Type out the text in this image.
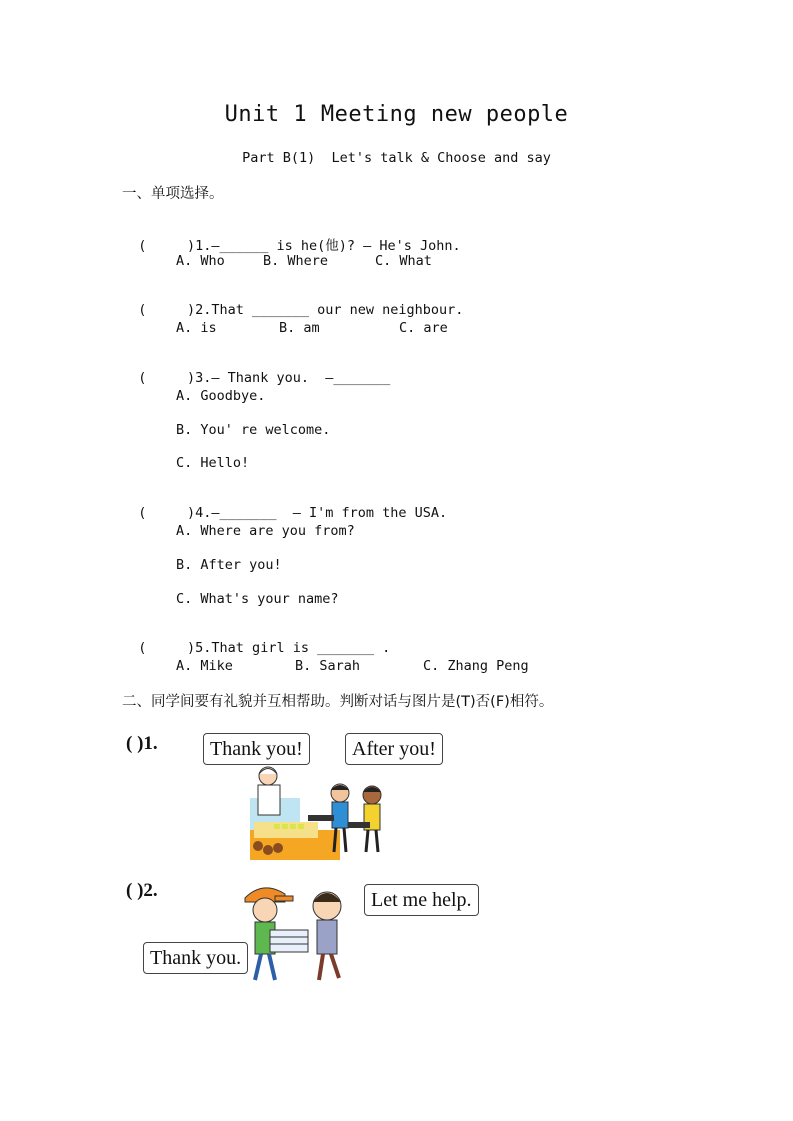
Unit 1 Meeting new people
Part B(1)  Let's talk & Choose and say
一、单项选择。

(     )1.—______ is he(他)? — He's John.

A. Who	B. Where	C. What

(     )2.That _______ our new neighbour.

A. is	B. am	C. are

(     )3.— Thank you.  —_______

A. Goodbye.
B. You' re welcome.
C. Hello!

(     )4.—_______  — I'm from the USA.

A. Where are you from?
B. After you!
C. What's your name?

(     )5.That girl is _______ .

A. Mike	B. Sarah	C. Zhang Peng
二、同学间要有礼貌并互相帮助。判断对话与图片是(T)否(F)相符。
( )1.	Thank you!	After you!
( )2.	Let me help.
Thank you.
